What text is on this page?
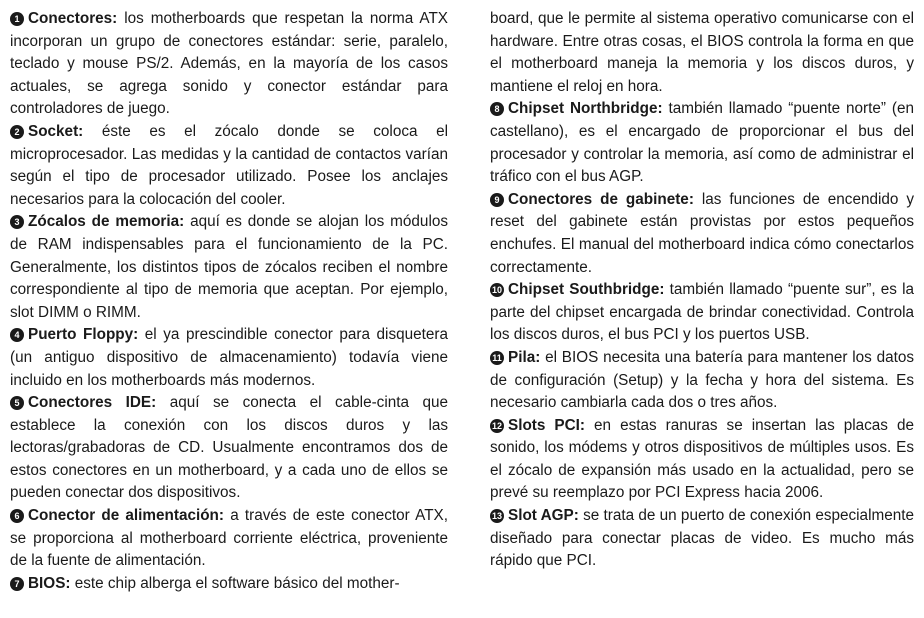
1 Conectores: los motherboards que respetan la norma ATX incorporan un grupo de conectores estándar: serie, paralelo, teclado y mouse PS/2. Además, en la mayoría de los casos actuales, se agrega sonido y conector estándar para controladores de juego.

2 Socket: éste es el zócalo donde se coloca el microprocesador. Las medidas y la cantidad de contactos varían según el tipo de procesador utilizado. Posee los anclajes necesarios para la colocación del cooler.

3 Zócalos de memoria: aquí es donde se alojan los módulos de RAM indispensables para el funcionamiento de la PC. Generalmente, los distintos tipos de zócalos reciben el nombre correspondiente al tipo de memoria que aceptan. Por ejemplo, slot DIMM o RIMM.

4 Puerto Floppy: el ya prescindible conector para disquetera (un antiguo dispositivo de almacenamiento) todavía viene incluido en los motherboards más modernos.

5 Conectores IDE: aquí se conecta el cable-cinta que establece la conexión con los discos duros y las lectoras/grabadoras de CD. Usualmente encontramos dos de estos conectores en un motherboard, y a cada uno de ellos se pueden conectar dos dispositivos.

6 Conector de alimentación: a través de este conector ATX, se proporciona al motherboard corriente eléctrica, proveniente de la fuente de alimentación.

7 BIOS: este chip alberga el software básico del mother-

board, que le permite al sistema operativo comunicarse con el hardware. Entre otras cosas, el BIOS controla la forma en que el motherboard maneja la memoria y los discos duros, y mantiene el reloj en hora.

8 Chipset Northbridge: también llamado “puente norte” (en castellano), es el encargado de proporcionar el bus del procesador y controlar la memoria, así como de administrar el tráfico con el bus AGP.

9 Conectores de gabinete: las funciones de encendido y reset del gabinete están provistas por estos pequeños enchufes. El manual del motherboard indica cómo conectarlos correctamente.

10 Chipset Southbridge: también llamado “puente sur”, es la parte del chipset encargada de brindar conectividad. Controla los discos duros, el bus PCI y los puertos USB.

11 Pila: el BIOS necesita una batería para mantener los datos de configuración (Setup) y la fecha y hora del sistema. Es necesario cambiarla cada dos o tres años.

12 Slots PCI: en estas ranuras se insertan las placas de sonido, los módems y otros dispositivos de múltiples usos. Es el zócalo de expansión más usado en la actualidad, pero se prevé su reemplazo por PCI Express hacia 2006.

13 Slot AGP: se trata de un puerto de conexión especialmente diseñado para conectar placas de video. Es mucho más rápido que PCI.
